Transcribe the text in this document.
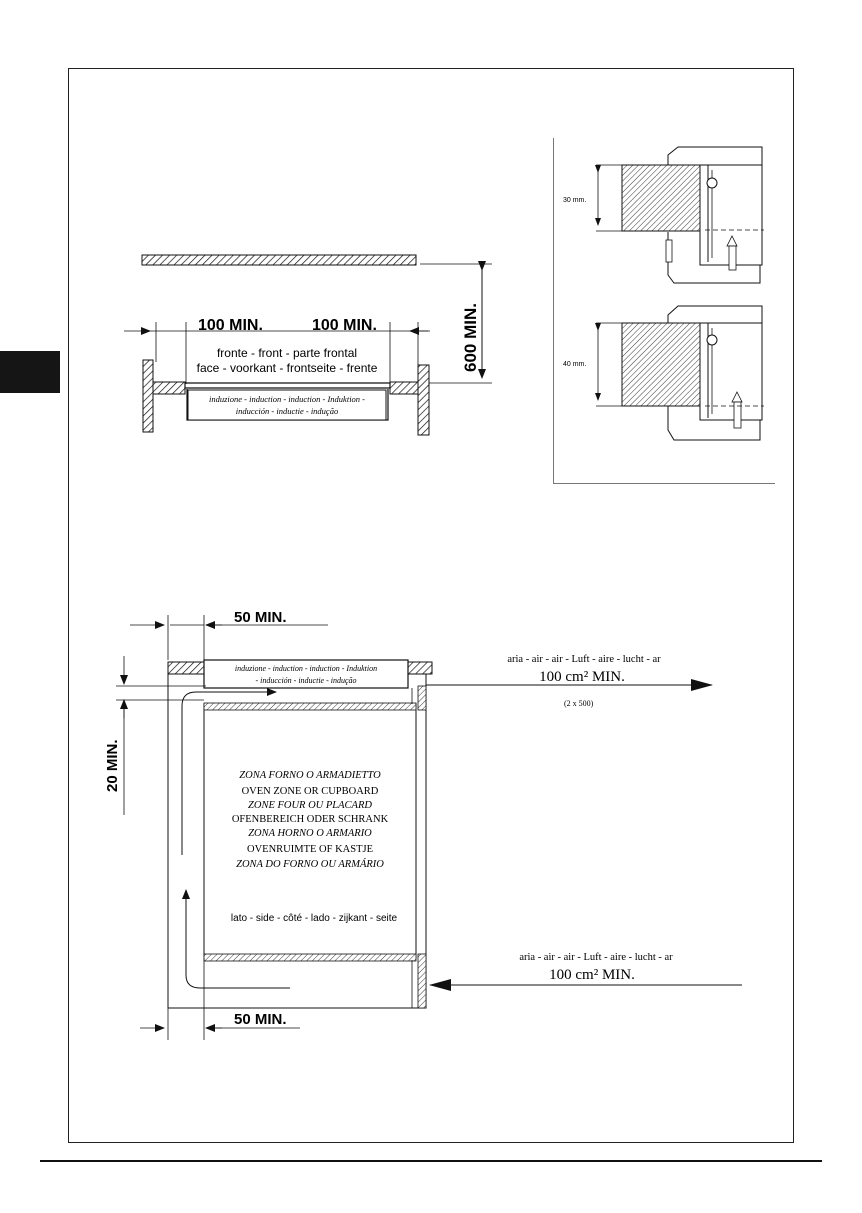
600 MIN.
100 MIN.	100 MIN.
fronte - front - parte frontal
face - voorkant - frontseite - frente
induzione - induction - induction - Induktion -
inducción - inductie - indução
30 mm.
40 mm.
50 MIN.
induzione - induction - induction - Induktion
- inducción - inductie - indução
20 MIN.
aria - air - air - Luft - aire - lucht - ar
100 cm² MIN.
(2 x 500)
aria - air - air - Luft - aire - lucht - ar
100 cm² MIN.
ZONA FORNO O ARMADIETTO
OVEN ZONE OR CUPBOARD
ZONE FOUR OU PLACARD
OFENBEREICH ODER SCHRANK
ZONA HORNO O ARMARIO
OVENRUIMTE OF KASTJE
ZONA DO FORNO OU ARMÁRIO
lato - side - côté - lado - zijkant - seite
50 MIN.
